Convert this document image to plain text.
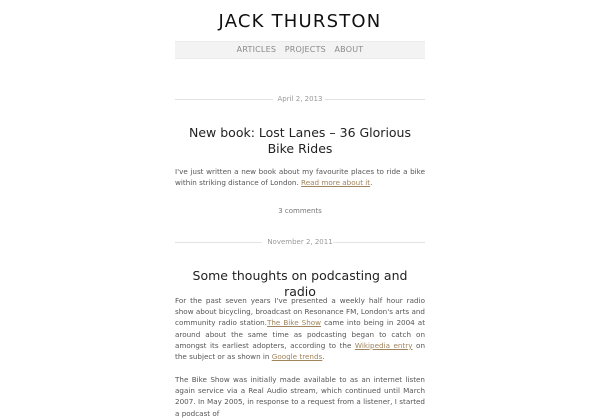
JACK THURSTON
ARTICLES PROJECTS ABOUT
April 2, 2013
New book: Lost Lanes – 36 Glorious Bike Rides

I've just written a new book about my favourite places to ride a bike within striking distance of London. Read more about it.

3 comments
November 2, 2011
Some thoughts on podcasting and radio

For the past seven years I've presented a weekly half hour radio show about bicycling, broadcast on Resonance FM, London's arts and community radio station.The Bike Show came into being in 2004 at around about the same time as podcasting began to catch on amongst its earliest adopters, according to the Wikipedia entry on the subject or as shown in Google trends.

The Bike Show was initially made available to as an internet listen again service via a Real Audio stream, which continued until March 2007. In May 2005, in response to a request from a listener, I started a podcast of
